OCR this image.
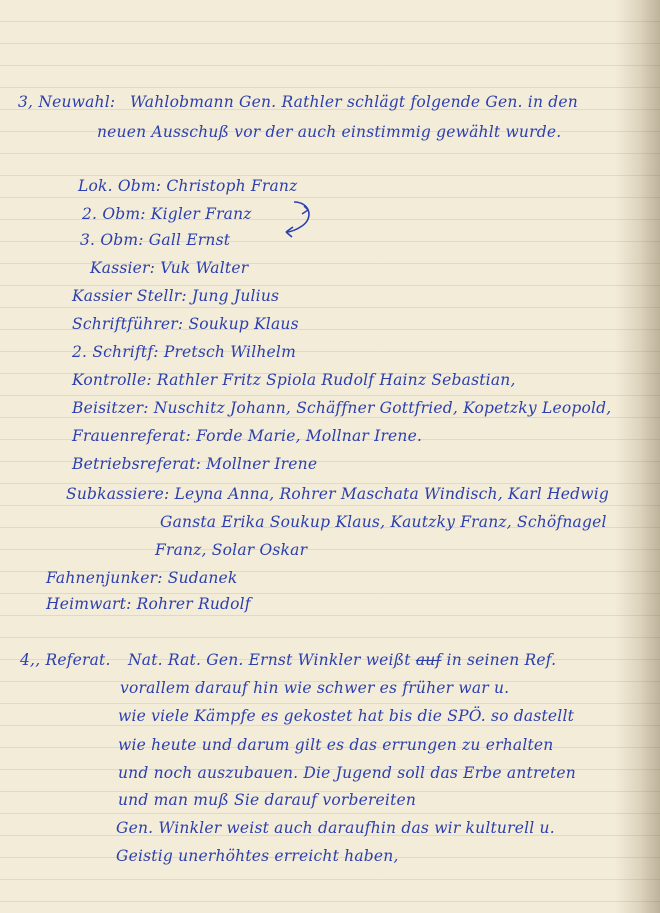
3, Neuwahl: Wahlobmann Gen. Rathler schlägt folgende Gen. in den
neuen Ausschuß vor der auch einstimmig gewählt wurde.
Lok. Obm: Christoph Franz
2. Obm: Kigler Franz
3. Obm: Gall Ernst
Kassier: Vuk Walter
Kassier Stellr: Jung Julius
Schriftführer: Soukup Klaus
2. Schriftf: Pretsch Wilhelm
Kontrolle: Rathler Fritz Spiola Rudolf Hainz Sebastian,
Beisitzer: Nuschitz Johann, Schäffner Gottfried, Kopetzky Leopold,
Frauenreferat: Forde Marie, Mollnar Irene.
Betriebsreferat: Mollner Irene
Subkassiere: Leyna Anna, Rohrer Maschata Windisch, Karl Hedwig
Gansta Erika Soukup Klaus, Kautzky Franz, Schöfnagel
Franz, Solar Oskar
Fahnenjunker: Sudanek
Heimwart: Rohrer Rudolf
4,, Referat. Nat. Rat. Gen. Ernst Winkler weißt auf in seinen Ref.
vorallem darauf hin wie schwer es früher war u.
wie viele Kämpfe es gekostet hat bis die SPÖ. so dastellt
wie heute und darum gilt es das errungen zu erhalten
und noch auszubauen. Die Jugend soll das Erbe antreten
und man muß Sie darauf vorbereiten
Gen. Winkler weist auch daraufhin das wir kulturell u.
Geistig unerhöhtes erreicht haben,
